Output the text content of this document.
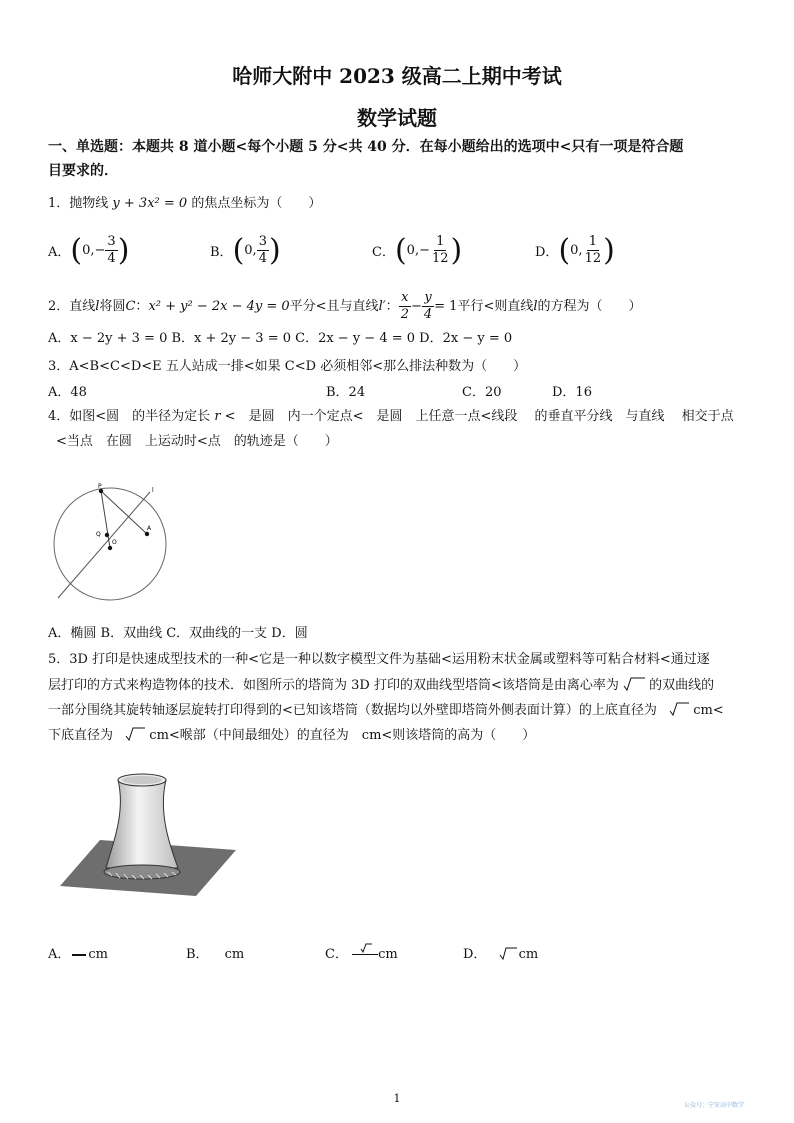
哈师大附中 2023 级高二上期中考试
数学试题
一、单选题：本题共 8 道小题<每个小题 5 分<共 40 分．在每小题给出的选项中<只有一项是符合题
目要求的．
1．抛物线 y + 3x² = 0 的焦点坐标为（　　）
A． ( $0,- \frac{3}{4}$ )	B． ( 0, $\frac{3}{4}$ )	C． ( $0,- \frac{1}{12}$ )	D． ( 0, $\frac{1}{12}$ )
2．直线 l 将圆 C ： x² + y² − 2x − 4y = 0 平分<且与直线 l′ ： $\frac{x}{2} - \frac{y}{4} = 1$ 平行<则直线 l 的方程为（　　）
A．x − 2y + 3 = 0 B．x + 2y − 3 = 0 C．2x − y − 4 = 0 D．2x − y = 0
3．A<B<C<D<E 五人站成一排<如果 C<D 必须相邻<那么排法种数为（　　）
A．48	B．24	C．20	D．16
4．如图<圆　的半径为定长 r <　是圆　内一个定点<　是圆　上任意一点<线段　 的垂直平分线　与直线　 相交于点
<当点　在圆　上运动时<点　的轨迹是（　　）
P
l
Q
O
A
A．椭圆 B．双曲线 C．双曲线的一支 D．圆
5．3D 打印是快速成型技术的一种<它是一种以数字模型文件为基础<运用粉末状金属或塑料等可粘合材料<通过逐
层打印的方式来构造物体的技术．如图所示的塔筒为 3D 打印的双曲线型塔筒<该塔筒是由离心率为 的双曲线的
一部分围绕其旋转轴逐层旋转打印得到的<已知该塔筒（数据均以外壁即塔筒外侧表面计算）的上底直径为	cm<
下底直径为	cm<喉部（中间最细处）的直径为　cm<则该塔筒的高为（　　）
A． cm	B． cm	C． cm	D． cm
1
公众号：宁安高中数学
